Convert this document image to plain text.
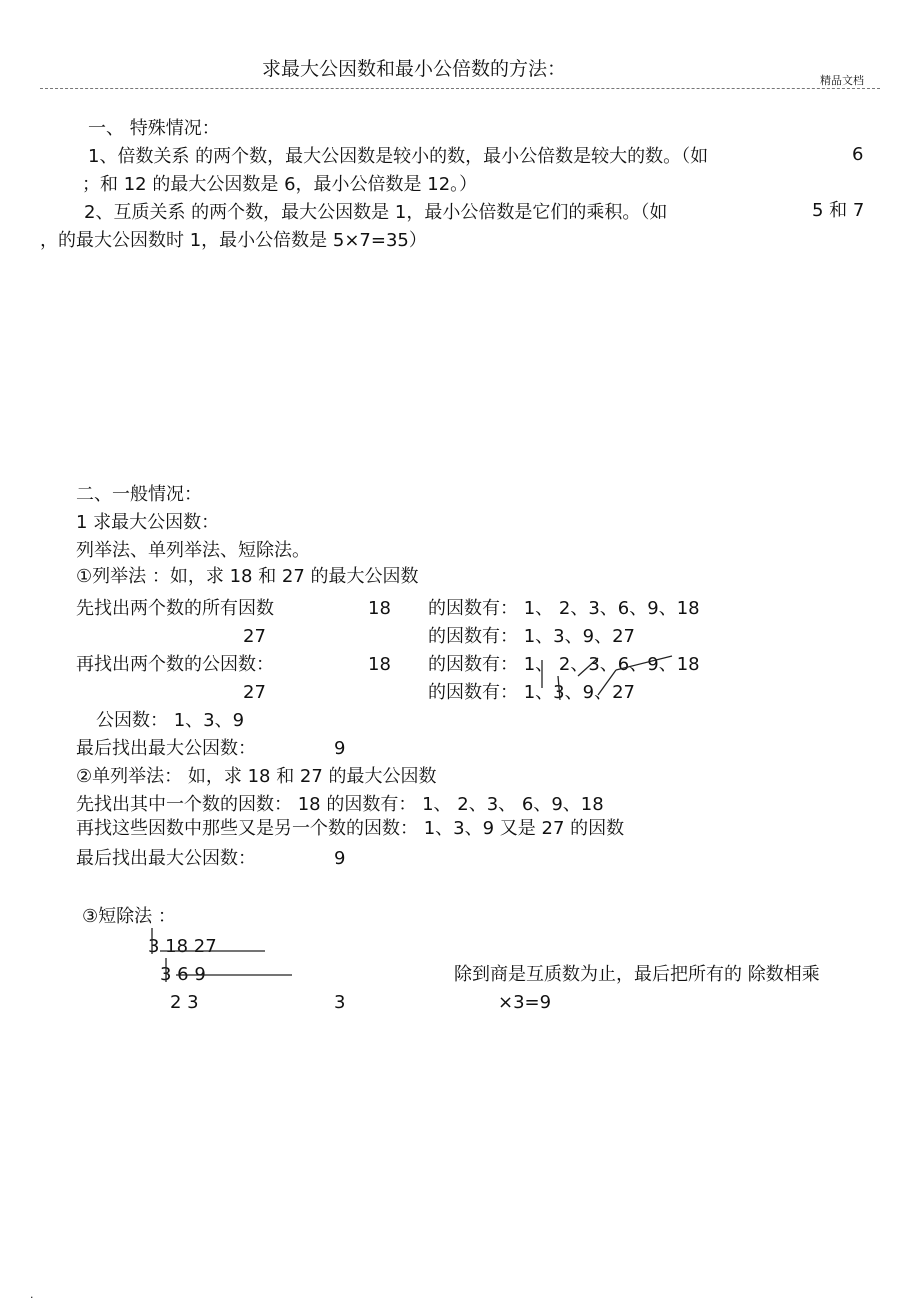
求最大公因数和最小公倍数的方法：
精品文档
一、 特殊情况：
1、倍数关系 的两个数，最大公因数是较小的数，最小公倍数是较大的数。（如	6
；和 12 的最大公因数是 6，最小公倍数是 12。）
2、互质关系 的两个数，最大公因数是 1，最小公倍数是它们的乘积。（如	5 和 7
，的最大公因数时 1，最小公倍数是 5×7=35）
二、一般情况：
1 求最大公因数：
列举法、单列举法、短除法。
①列举法 ：如，求 18 和 27 的最大公因数
先找出两个数的所有因数	18 的因数有： 1、 2、3、6、9、18
27	的因数有： 1、3、9、27
再找出两个数的公因数：	18 的因数有： 1、 2、3、6、9、18
27	的因数有： 1、3、9、27
公因数： 1、3、9
最后找出最大公因数：	9
②单列举法： 如，求 18 和 27 的最大公因数
先找出其中一个数的因数： 18 的因数有： 1、 2、3、 6、9、18
再找这些因数中那些又是另一个数的因数： 1、3、9 又是 27 的因数
最后找出最大公因数：	9
③短除法 ：
3 18 27
3 6 9
2 3	3
除到商是互质数为止，最后把所有的 除数相乘
×3=9
.
